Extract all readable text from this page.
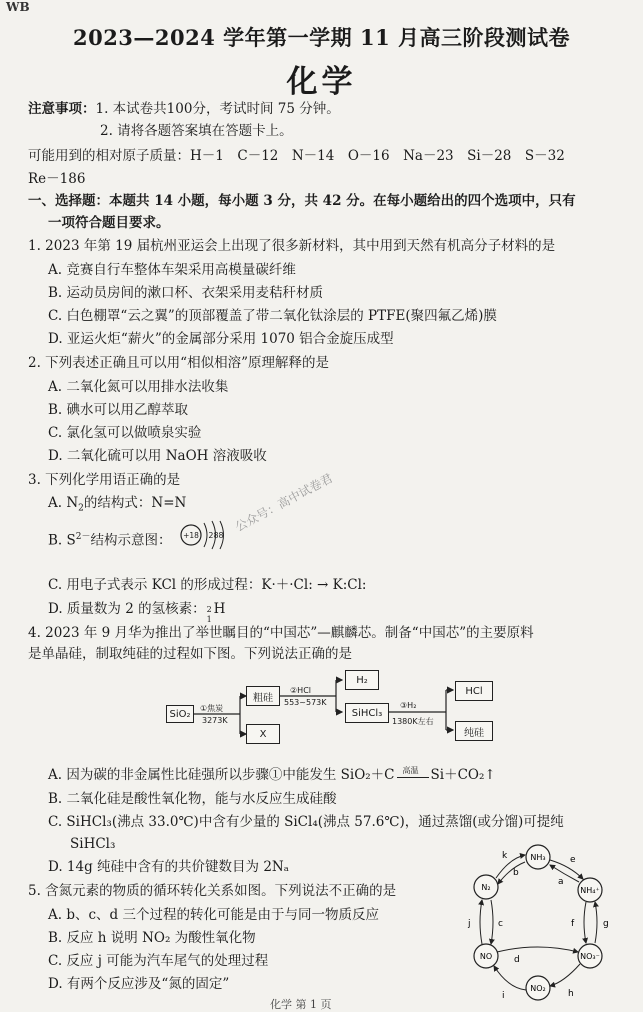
WB
2023—2024 学年第一学期 11 月高三阶段测试卷
化学
注意事项：1. 本试卷共100分，考试时间 75 分钟。
2. 请将各题答案填在答题卡上。
可能用到的相对原子质量：H－1　C－12　N－14　O－16　Na－23　Si－28　S－32
Re－186
一、选择题：本题共 14 小题，每小题 3 分，共 42 分。在每小题给出的四个选项中，只有
一项符合题目要求。
1. 2023 年第 19 届杭州亚运会上出现了很多新材料，其中用到天然有机高分子材料的是
A. 竞赛自行车整体车架采用高模量碳纤维
B. 运动员房间的漱口杯、衣架采用麦秸秆材质
C. 白色棚罩“云之翼”的顶部覆盖了带二氧化钛涂层的 PTFE(聚四氟乙烯)膜
D. 亚运火炬“薪火”的金属部分采用 1070 铝合金旋压成型
2. 下列表述正确且可以用“相似相溶”原理解释的是
A. 二氧化氮可以用排水法收集
B. 碘水可以用乙醇萃取
C. 氯化氢可以做喷泉实验
D. 二氧化硫可以用 NaOH 溶液吸收
3. 下列化学用语正确的是
A. $N_2$的结构式：N=N
B. $S^{2-}$结构示意图： +18 288
C. 用电子式表示 KCl 的形成过程：K·＋·Cl: → K:Cl:
D. 质量数为 2 的氢核素： 2
1
H
公众号：高中试卷君
4. 2023 年 9 月华为推出了举世瞩目的“中国芯”—麒麟芯。制备“中国芯”的主要原料
是单晶硅，制取纯硅的过程如下图。下列说法正确的是
SiO₂	①焦炭
3273K
粗硅
X
②HCl
553~573K
H₂
SiHCl₃
③H₂
1380K左右
HCl
纯硅
A. 因为碳的非金属性比硅强所以步骤①中能发生 SiO₂＋C 高温 Si＋CO₂↑
B. 二氧化硅是酸性氧化物，能与水反应生成硅酸
C. SiHCl₃(沸点 33.0℃)中含有少量的 SiCl₄(沸点 57.6℃)，通过蒸馏(或分馏)可提纯
SiHCl₃
D. 14g 纯硅中含有的共价键数目为 2Nₐ
5. 含氮元素的物质的循环转化关系如图。下列说法不正确的是
A. b、c、d 三个过程的转化可能是由于与同一物质反应
B. 反应 h 说明 NO₂ 为酸性氧化物
C. 反应 j 可能为汽车尾气的处理过程
D. 有两个反应涉及“氮的固定”
NH₃
N₂	NH₄⁺
NO₃⁻
NO₂
NO
k
b
e
a
f	g
h
i
d
j	c
化学 第 1 页
